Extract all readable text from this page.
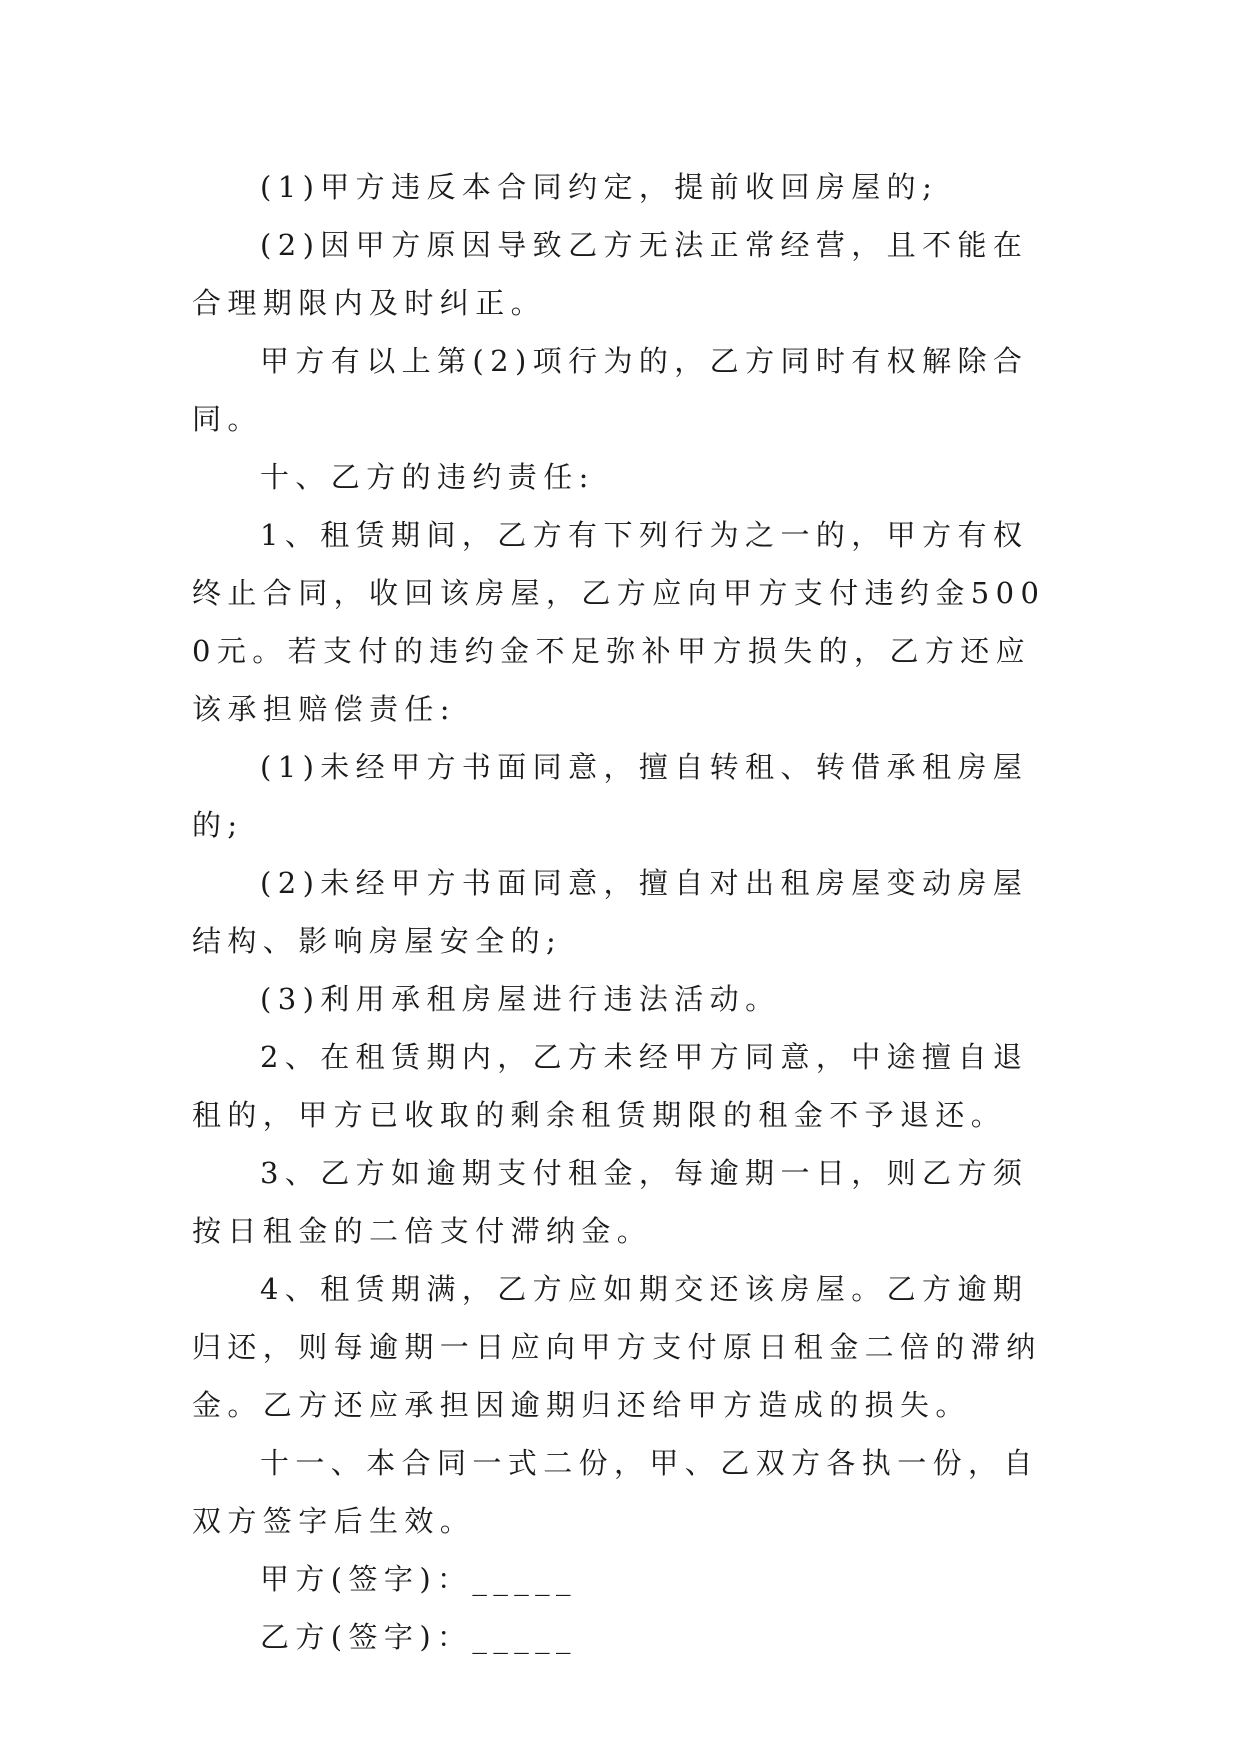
(1)甲方违反本合同约定，提前收回房屋的;

(2)因甲方原因导致乙方无法正常经营，且不能在合理期限内及时纠正。

甲方有以上第(2)项行为的，乙方同时有权解除合同。

十、乙方的违约责任:

1、租赁期间，乙方有下列行为之一的，甲方有权终止合同，收回该房屋，乙方应向甲方支付违约金5000元。若支付的违约金不足弥补甲方损失的，乙方还应该承担赔偿责任:

(1)未经甲方书面同意，擅自转租、转借承租房屋的;

(2)未经甲方书面同意，擅自对出租房屋变动房屋结构、影响房屋安全的;

(3)利用承租房屋进行违法活动。

2、在租赁期内，乙方未经甲方同意，中途擅自退租的，甲方已收取的剩余租赁期限的租金不予退还。

3、乙方如逾期支付租金，每逾期一日，则乙方须按日租金的二倍支付滞纳金。

4、租赁期满，乙方应如期交还该房屋。乙方逾期归还，则每逾期一日应向甲方支付原日租金二倍的滞纳金。乙方还应承担因逾期归还给甲方造成的损失。

十一、本合同一式二份，甲、乙双方各执一份，自双方签字后生效。

甲方(签字)：_____

乙方(签字)：_____
